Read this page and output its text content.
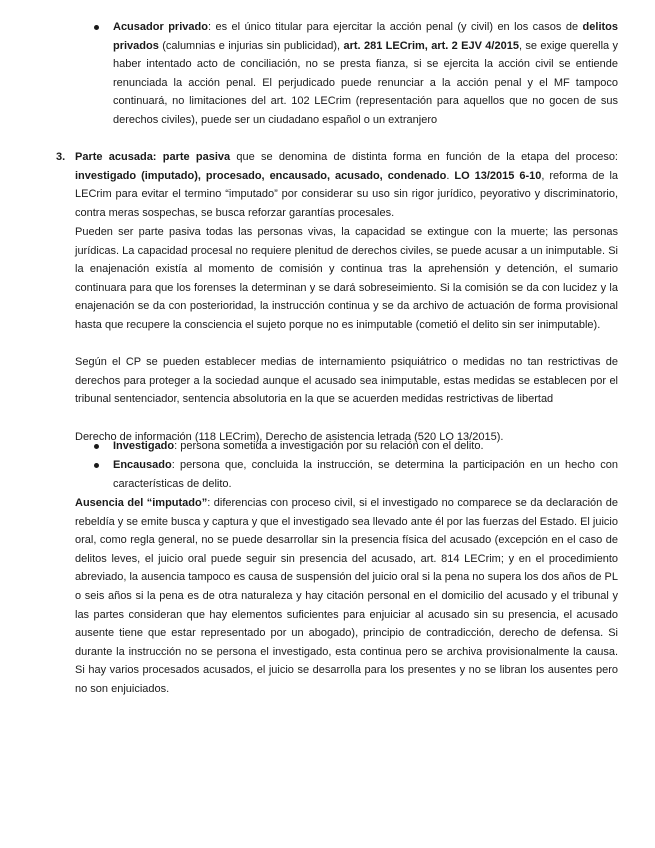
Acusador privado: es el único titular para ejercitar la acción penal (y civil) en los casos de delitos privados (calumnias e injurias sin publicidad), art. 281 LECrim, art. 2 EJV 4/2015, se exige querella y haber intentado acto de conciliación, no se presta fianza, si se ejercita la acción civil se entiende renunciada la acción penal. El perjudicado puede renunciar a la acción penal y el MF tampoco continuará, no limitaciones del art. 102 LECrim (representación para aquellos que no gocen de sus derechos civiles), puede ser un ciudadano español o un extranjero

3. Parte acusada: parte pasiva que se denomina de distinta forma en función de la etapa del proceso: investigado (imputado), procesado, encausado, acusado, condenado. LO 13/2015 6-10, reforma de la LECrim para evitar el termino “imputado” por considerar su uso sin rigor jurídico, peyorativo y discriminatorio, contra meras sospechas, se busca reforzar garantías procesales.

Pueden ser parte pasiva todas las personas vivas, la capacidad se extingue con la muerte; las personas jurídicas. La capacidad procesal no requiere plenitud de derechos civiles, se puede acusar a un inimputable. Si la enajenación existía al momento de comisión y continua tras la aprehensión y detención, el sumario continuara para que los forenses la determinan y se dará sobreseimiento. Si la comisión se da con lucidez y la enajenación se da con posterioridad, la instrucción continua y se da archivo de actuación de forma provisional hasta que recupere la consciencia el sujeto porque no es inimputable (cometió el delito sin ser inimputable).

Según el CP se pueden establecer medias de internamiento psiquiátrico o medidas no tan restrictivas de derechos para proteger a la sociedad aunque el acusado sea inimputable, estas medidas se establecen por el tribunal sentenciador, sentencia absolutoria en la que se acuerden medidas restrictivas de libertad

Derecho de información (118 LECrim), Derecho de asistencia letrada (520 LO 13/2015).

Investigado: persona sometida a investigación por su relación con el delito.

Encausado: persona que, concluida la instrucción, se determina la participación en un hecho con características de delito.

Ausencia del “imputado”: diferencias con proceso civil, si el investigado no comparece se da declaración de rebeldía y se emite busca y captura y que el investigado sea llevado ante él por las fuerzas del Estado. El juicio oral, como regla general, no se puede desarrollar sin la presencia física del acusado (excepción en el caso de delitos leves, el juicio oral puede seguir sin presencia del acusado, art. 814 LECrim; y en el procedimiento abreviado, la ausencia tampoco es causa de suspensión del juicio oral si la pena no supera los dos años de PL o seis años si la pena es de otra naturaleza y hay citación personal en el domicilio del acusado y el tribunal y las partes consideran que hay elementos suficientes para enjuiciar al acusado sin su presencia, el acusado ausente tiene que estar representado por un abogado), principio de contradicción, derecho de defensa. Si durante la instrucción no se persona el investigado, esta continua pero se archiva provisionalmente la causa. Si hay varios procesados acusados, el juicio se desarrolla para los presentes y no se libran los ausentes pero no son enjuiciados.
